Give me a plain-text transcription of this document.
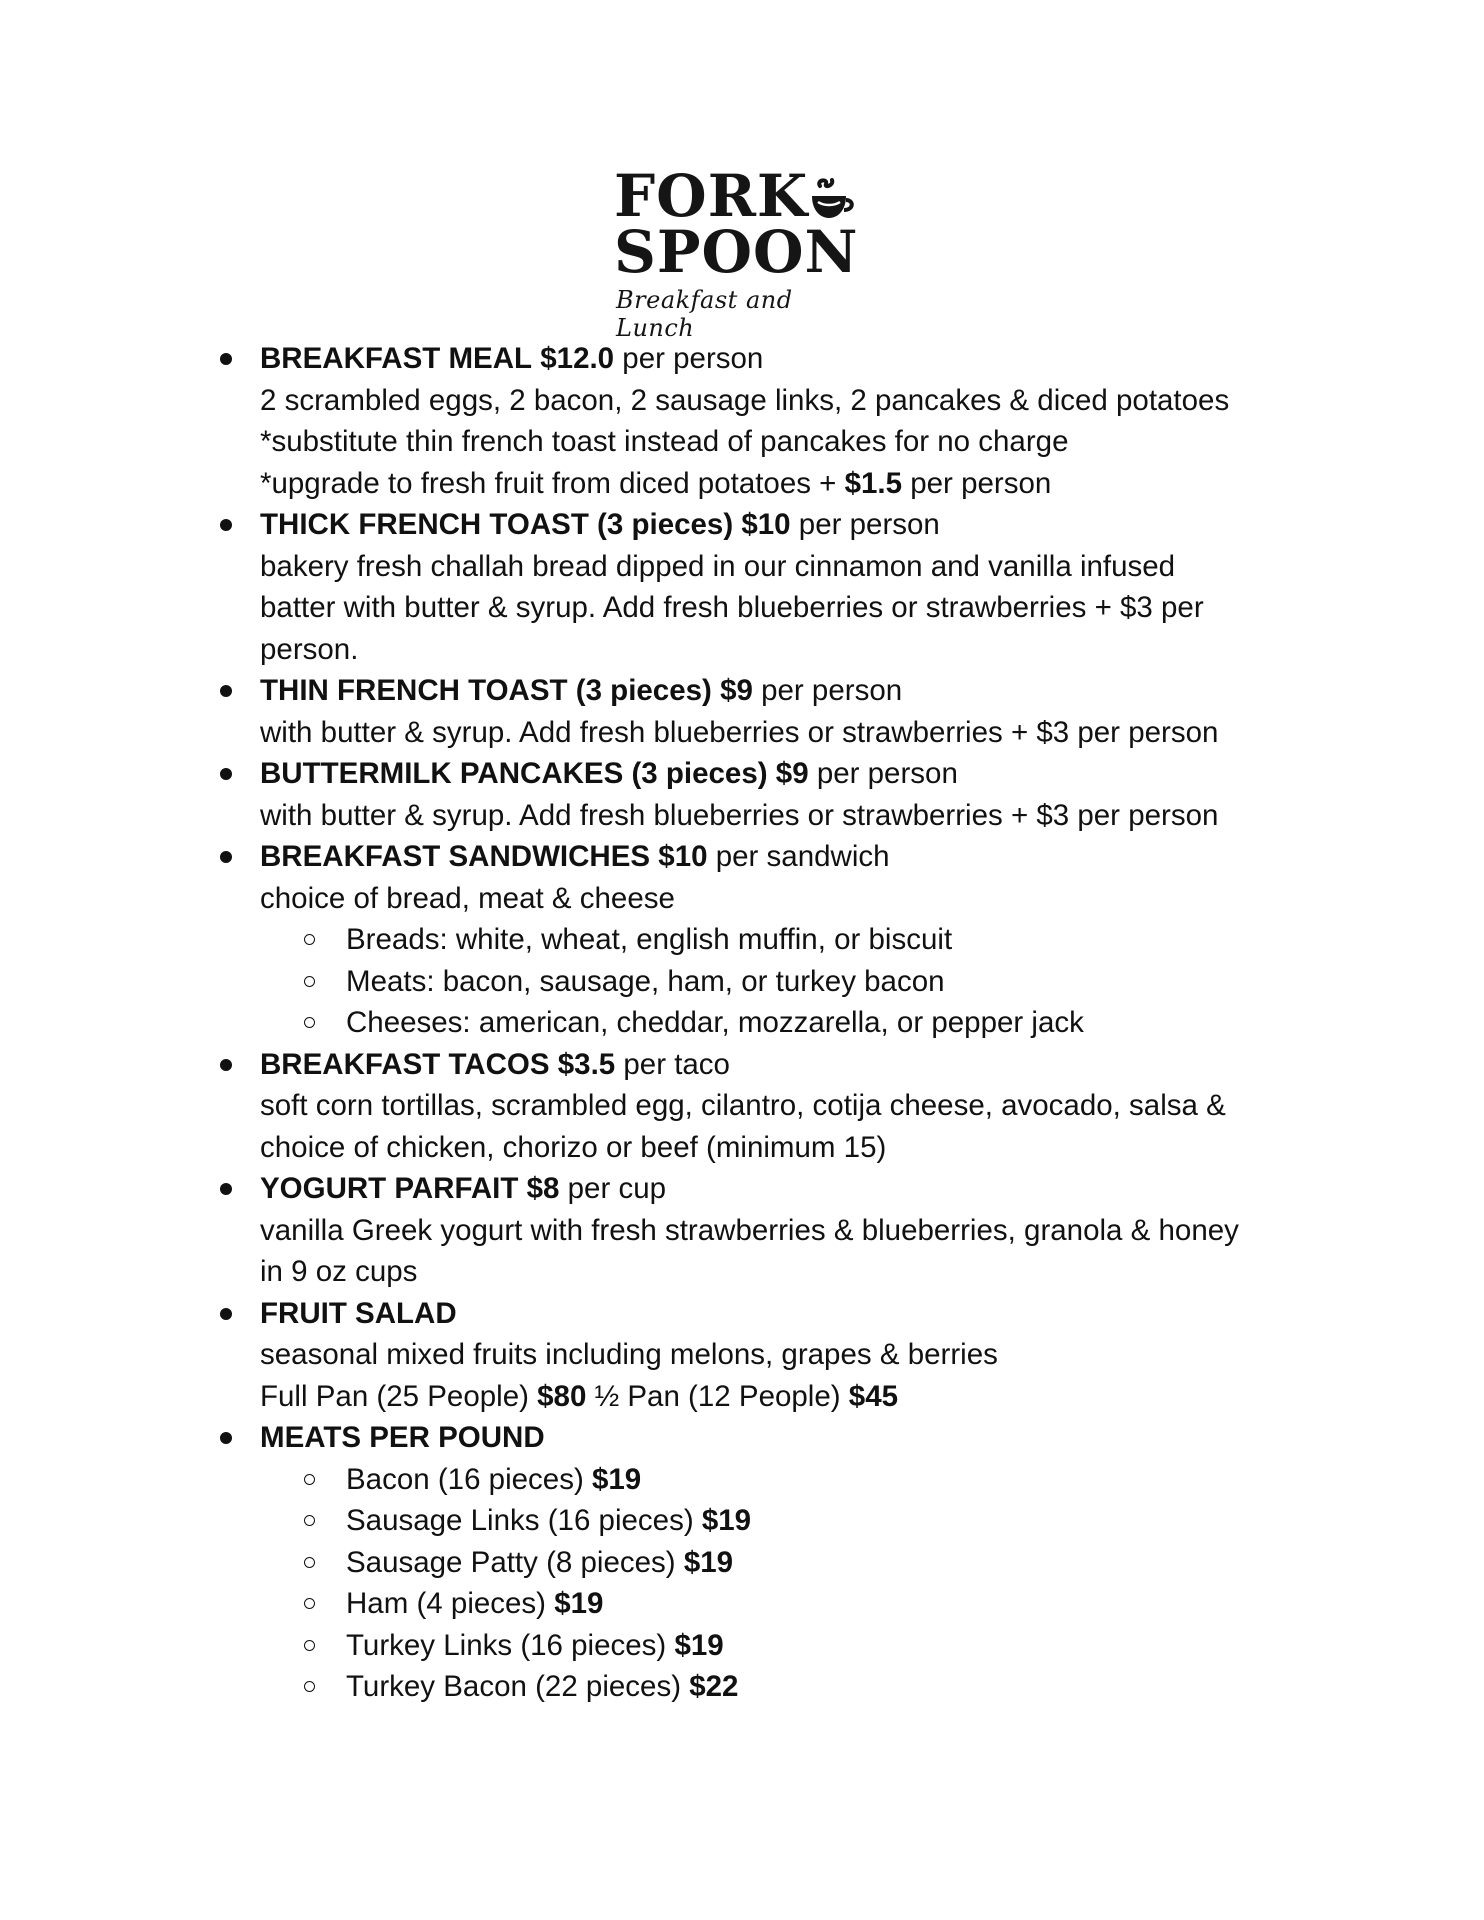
FORK
SPOON
Breakfast and Lunch
BREAKFAST MEAL $12.0 per person
2 scrambled eggs, 2 bacon, 2 sausage links, 2 pancakes & diced potatoes
*substitute thin french toast instead of pancakes for no charge
*upgrade to fresh fruit from diced potatoes + $1.5 per person
THICK FRENCH TOAST (3 pieces) $10 per person
bakery fresh challah bread dipped in our cinnamon and vanilla infused
batter with butter & syrup. Add fresh blueberries or strawberries + $3 per
person.
THIN FRENCH TOAST (3 pieces) $9 per person
with butter & syrup. Add fresh blueberries or strawberries + $3 per person
BUTTERMILK PANCAKES (3 pieces) $9 per person
with butter & syrup. Add fresh blueberries or strawberries + $3 per person
BREAKFAST SANDWICHES $10 per sandwich
choice of bread, meat & cheese
Breads: white, wheat, english muffin, or biscuit
Meats: bacon, sausage, ham, or turkey bacon
Cheeses: american, cheddar, mozzarella, or pepper jack
BREAKFAST TACOS $3.5 per taco
soft corn tortillas, scrambled egg, cilantro, cotija cheese, avocado, salsa &
choice of chicken, chorizo or beef (minimum 15)
YOGURT PARFAIT $8 per cup
vanilla Greek yogurt with fresh strawberries & blueberries, granola & honey
in 9 oz cups
FRUIT SALAD
seasonal mixed fruits including melons, grapes & berries
Full Pan (25 People) $80 ½ Pan (12 People) $45
MEATS PER POUND
Bacon (16 pieces) $19
Sausage Links (16 pieces) $19
Sausage Patty (8 pieces) $19
Ham (4 pieces) $19
Turkey Links (16 pieces) $19
Turkey Bacon (22 pieces) $22
